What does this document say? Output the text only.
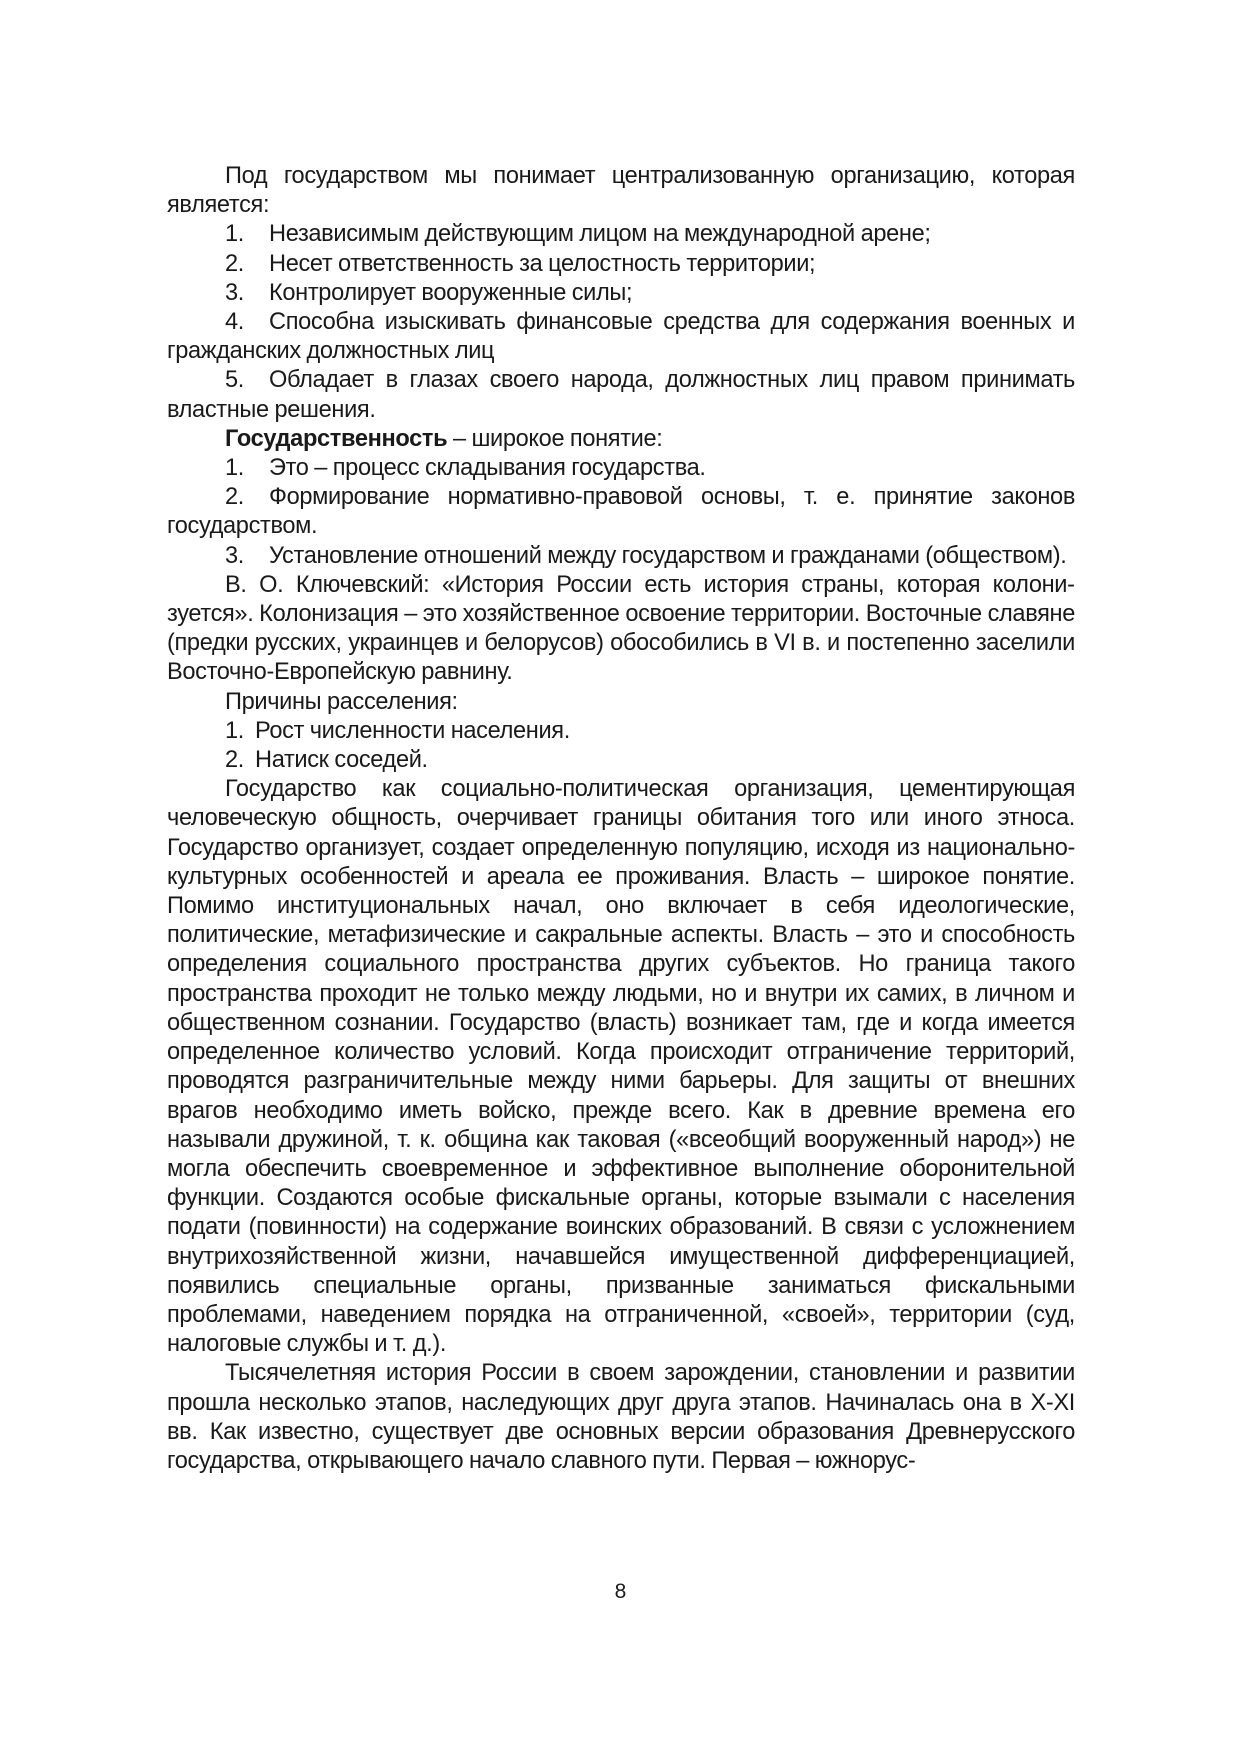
Под государством мы понимает централизованную организацию, которая является:

1. Независимым действующим лицом на международной арене;

2. Несет ответственность за целостность территории;

3. Контролирует вооруженные силы;

4. Способна изыскивать финансовые средства для содержания военных и гражданских должностных лиц

5. Обладает в глазах своего народа, должностных лиц правом принимать властные решения.

Государственность – широкое понятие:

1. Это – процесс складывания государства.

2. Формирование нормативно-правовой основы, т. е. принятие законов государством.

3. Установление отношений между государством и гражданами (обществом).

В. О. Ключевский: «История России есть история страны, которая колонизуется». Колонизация – это хозяйственное освоение территории. Восточные славяне (предки русских, украинцев и белорусов) обособились в VI в. и постепенно заселили Восточно-Европейскую равнину.

Причины расселения:

1. Рост численности населения.

2. Натиск соседей.

Государство как социально-политическая организация, цементирующая человеческую общность, очерчивает границы обитания того или иного этноса. Государство организует, создает определенную популяцию, исходя из национально-культурных особенностей и ареала ее проживания. Власть – широкое понятие. Помимо институциональных начал, оно включает в себя идеологические, политические, метафизические и сакральные аспекты. Власть – это и способность определения социального пространства других субъектов. Но граница такого пространства проходит не только между людьми, но и внутри их самих, в личном и общественном сознании. Государство (власть) возникает там, где и когда имеется определенное количество условий. Когда происходит отграничение территорий, проводятся разграничительные между ними барьеры. Для защиты от внешних врагов необходимо иметь войско, прежде всего. Как в древние времена его называли дружиной, т. к. община как таковая («всеобщий вооруженный народ») не могла обеспечить своевременное и эффективное выполнение оборонительной функции. Создаются особые фискальные органы, которые взымали с населения подати (повинности) на содержание воинских образований. В связи с усложнением внутрихозяйственной жизни, начавшейся имущественной дифференциацией, появились специальные органы, призванные заниматься фискальными проблемами, наведением порядка на отграниченной, «своей», территории (суд, налоговые службы и т. д.).

Тысячелетняя история России в своем зарождении, становлении и развитии прошла несколько этапов, наследующих друг друга этапов. Начиналась она в X-XI вв. Как известно, существует две основных версии образования Древнерусского государства, открывающего начало славного пути. Первая – южнорус-

8
